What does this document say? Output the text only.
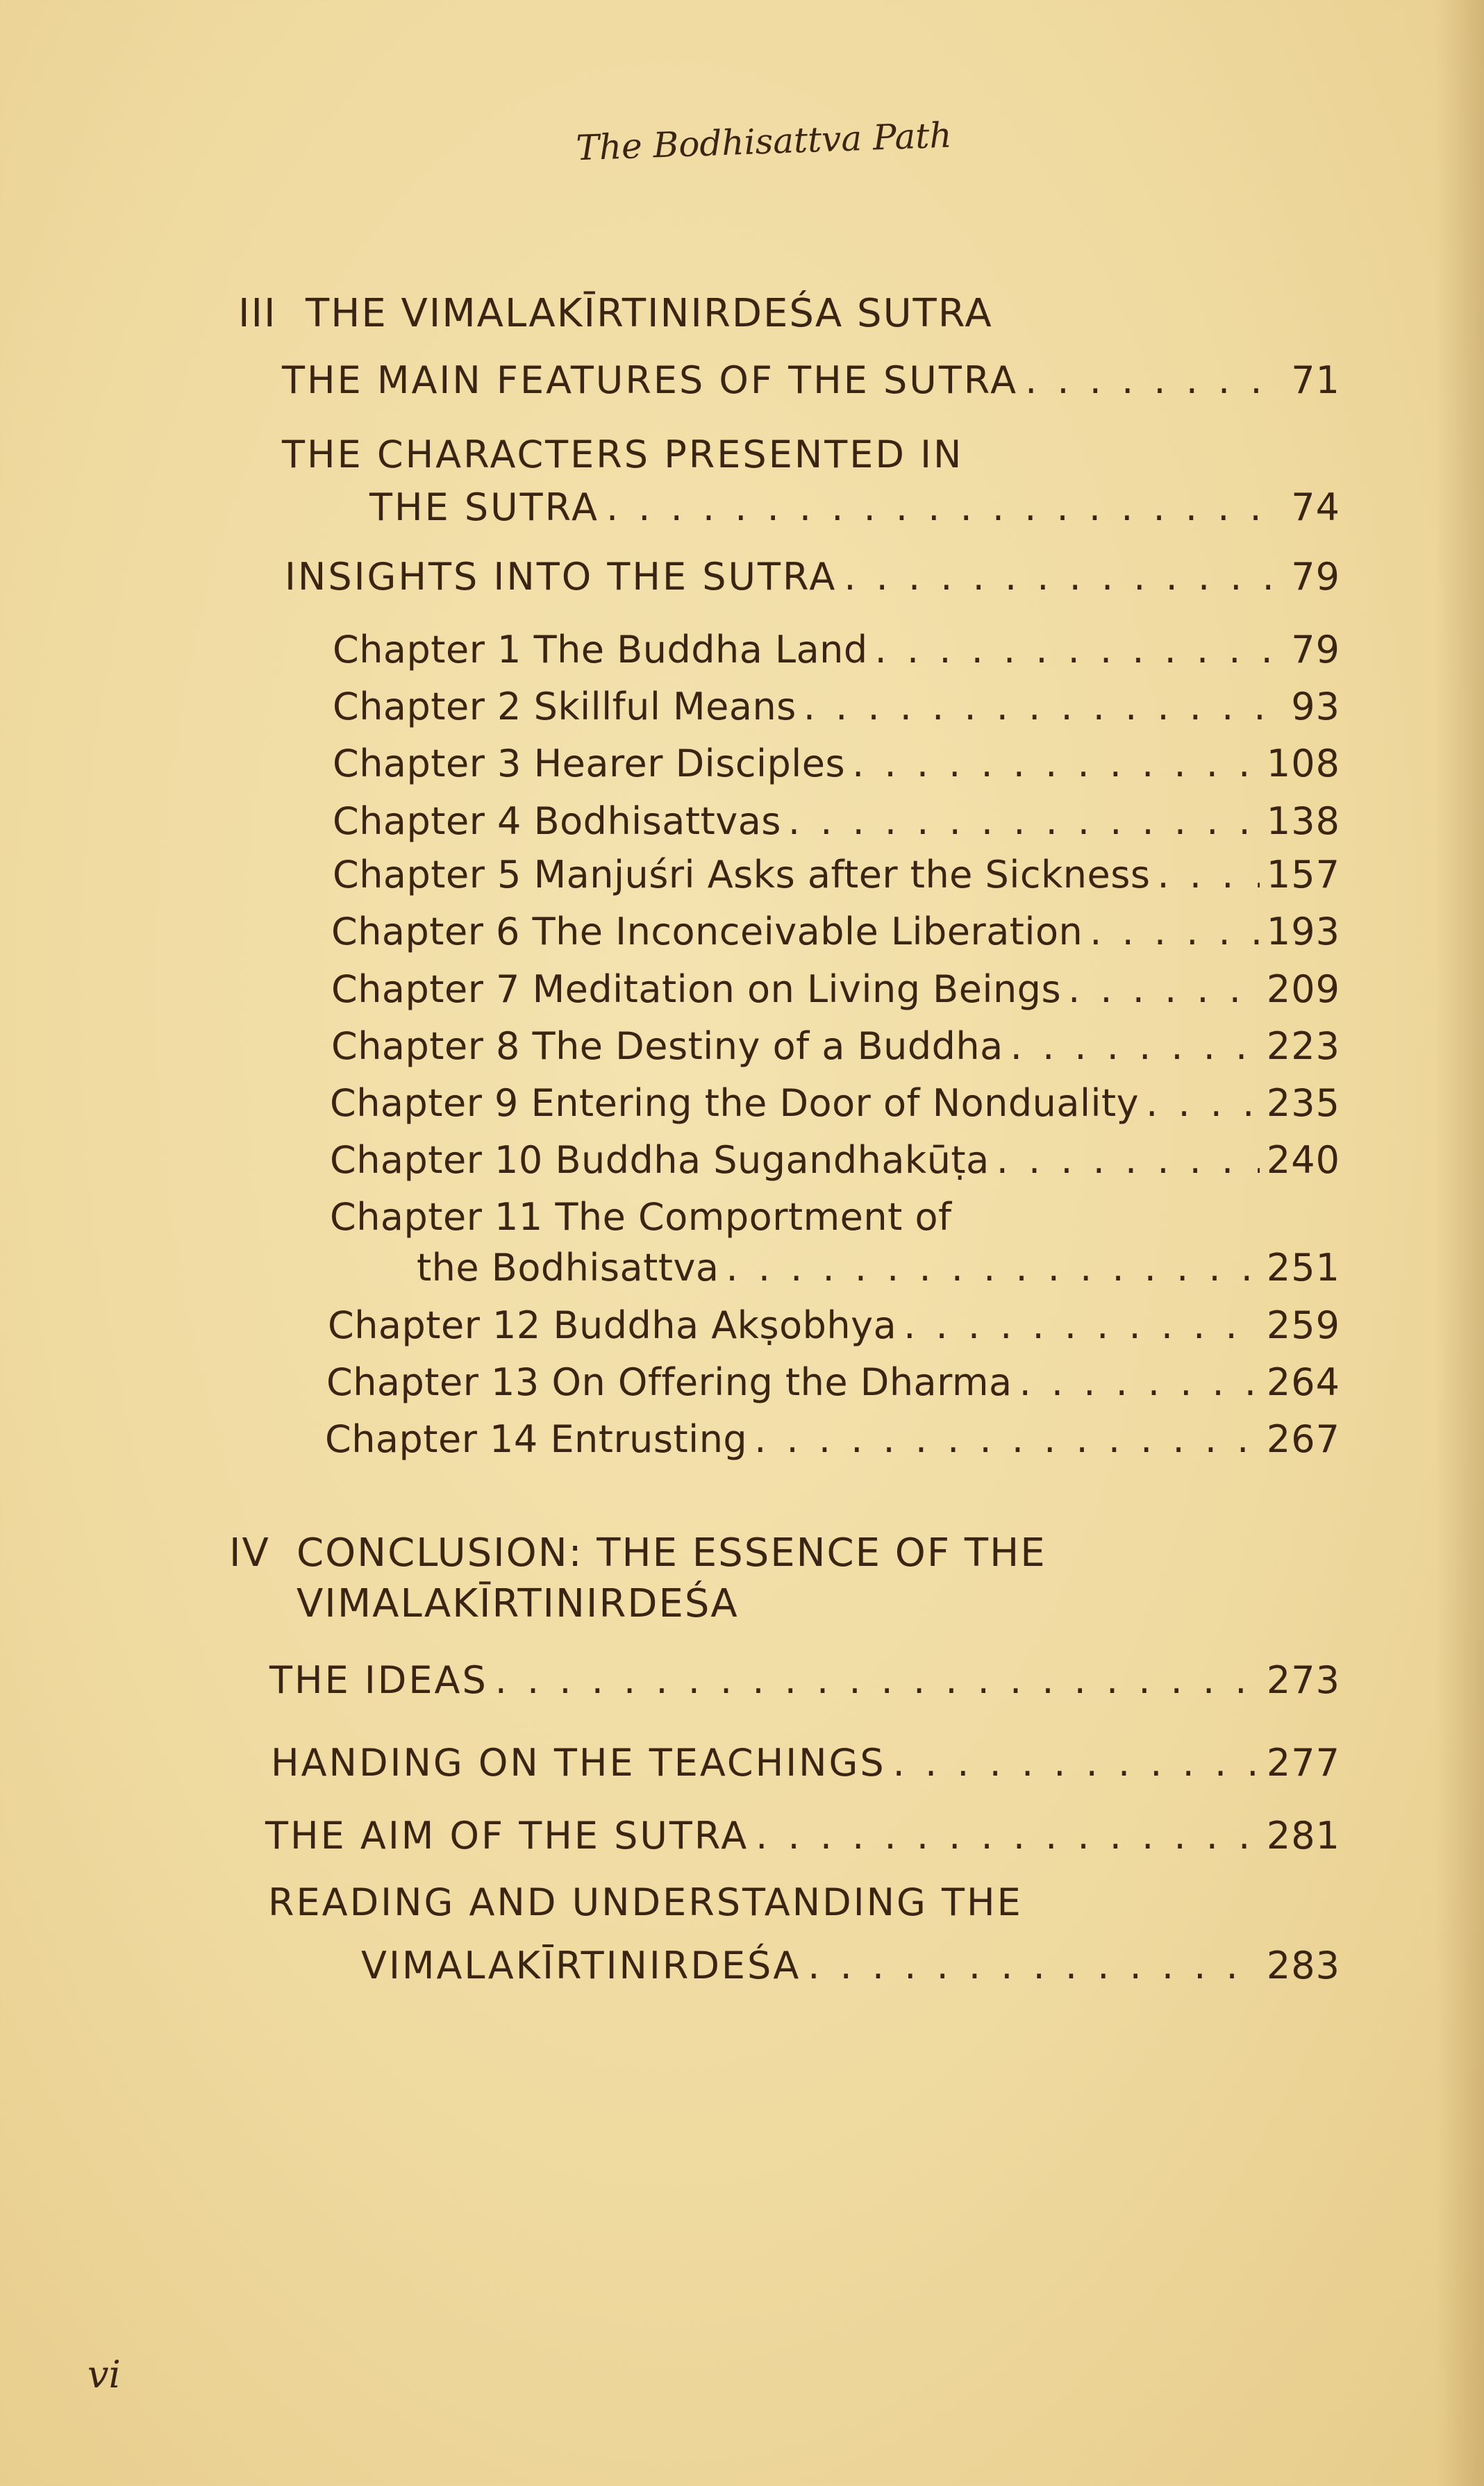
The Bodhisattva Path
III THE VIMALAKĪRTINIRDEŚA SUTRA
THE MAIN FEATURES OF THE SUTRA . . .	71
THE CHARACTERS PRESENTED IN
THE SUTRA . . .	74
INSIGHTS INTO THE SUTRA . . .	79
Chapter 1 The Buddha Land . . .	79
Chapter 2 Skillful Means . . .	93
Chapter 3 Hearer Disciples . . .	108
Chapter 4 Bodhisattvas . . .	138
Chapter 5 Manjuśri Asks after the Sickness . . .	157
Chapter 6 The Inconceivable Liberation . . .	193
Chapter 7 Meditation on Living Beings . . .	209
Chapter 8 The Destiny of a Buddha . . .	223
Chapter 9 Entering the Door of Nonduality . . .	235
Chapter 10 Buddha Sugandhakūṭa . . .	240
Chapter 11 The Comportment of
the Bodhisattva . . .	251
Chapter 12 Buddha Akṣobhya . . .	259
Chapter 13 On Offering the Dharma . . .	264
Chapter 14 Entrusting . . .	267
IV CONCLUSION: THE ESSENCE OF THE
VIMALAKĪRTINIRDEŚA
THE IDEAS . . .	273
HANDING ON THE TEACHINGS . . .	277
THE AIM OF THE SUTRA . . .	281
READING AND UNDERSTANDING THE
VIMALAKĪRTINIRDEŚA . . .	283
vi
